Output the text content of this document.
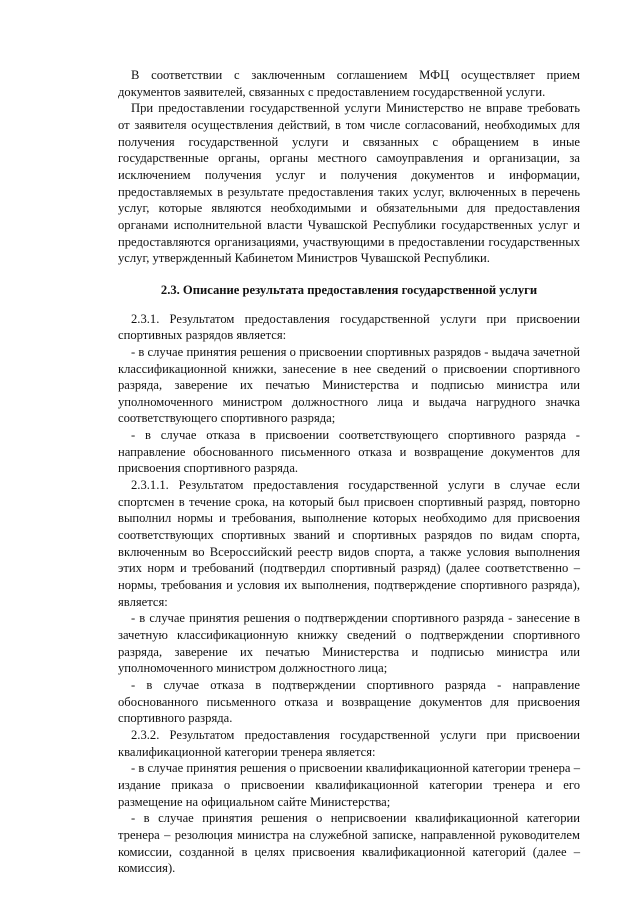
В соответствии с заключенным соглашением МФЦ осуществляет прием документов заявителей, связанных с предоставлением государственной услуги.

При предоставлении государственной услуги Министерство не вправе требовать от заявителя осуществления действий, в том числе согласований, необходимых для получения государственной услуги и связанных с обращением в иные государственные органы, органы местного самоуправления и организации, за исключением получения услуг и получения документов и информации, предоставляемых в результате предоставления таких услуг, включенных в перечень услуг, которые являются необходимыми и обязательными для предоставления органами исполнительной власти Чувашской Республики государственных услуг и предоставляются организациями, участвующими в предоставлении государственных услуг, утвержденный Кабинетом Министров Чувашской Республики.

2.3. Описание результата предоставления государственной услуги

2.3.1. Результатом предоставления государственной услуги при присвоении спортивных разрядов является:

- в случае принятия решения о присвоении спортивных разрядов - выдача зачетной классификационной книжки, занесение в нее сведений о присвоении спортивного разряда, заверение их печатью Министерства и подписью министра или уполномоченного министром должностного лица и выдача нагрудного значка соответствующего спортивного разряда;

- в случае отказа в присвоении соответствующего спортивного разряда - направление обоснованного письменного отказа и возвращение документов для присвоения спортивного разряда.

2.3.1.1. Результатом предоставления государственной услуги в случае если спортсмен в течение срока, на который был присвоен спортивный разряд, повторно выполнил нормы и требования, выполнение которых необходимо для присвоения соответствующих спортивных званий и спортивных разрядов по видам спорта, включенным во Всероссийский реестр видов спорта, а также условия выполнения этих норм и требований (подтвердил спортивный разряд) (далее соответственно – нормы, требования и условия их выполнения, подтверждение спортивного разряда), является:

- в случае принятия решения о подтверждении спортивного разряда - занесение в зачетную классификационную книжку сведений о подтверждении спортивного разряда, заверение их печатью Министерства и подписью министра или уполномоченного министром должностного лица;

- в случае отказа в подтверждении спортивного разряда - направление обоснованного письменного отказа и возвращение документов для присвоения спортивного разряда.

2.3.2. Результатом предоставления государственной услуги при присвоении квалификационной категории тренера является:

- в случае принятия решения о присвоении квалификационной категории тренера – издание приказа о присвоении квалификационной категории тренера и его размещение на официальном сайте Министерства;

- в случае принятия решения о неприсвоении квалификационной категории тренера – резолюция министра на служебной записке, направленной руководителем комиссии, созданной в целях присвоения квалификационной категорий (далее – комиссия).
